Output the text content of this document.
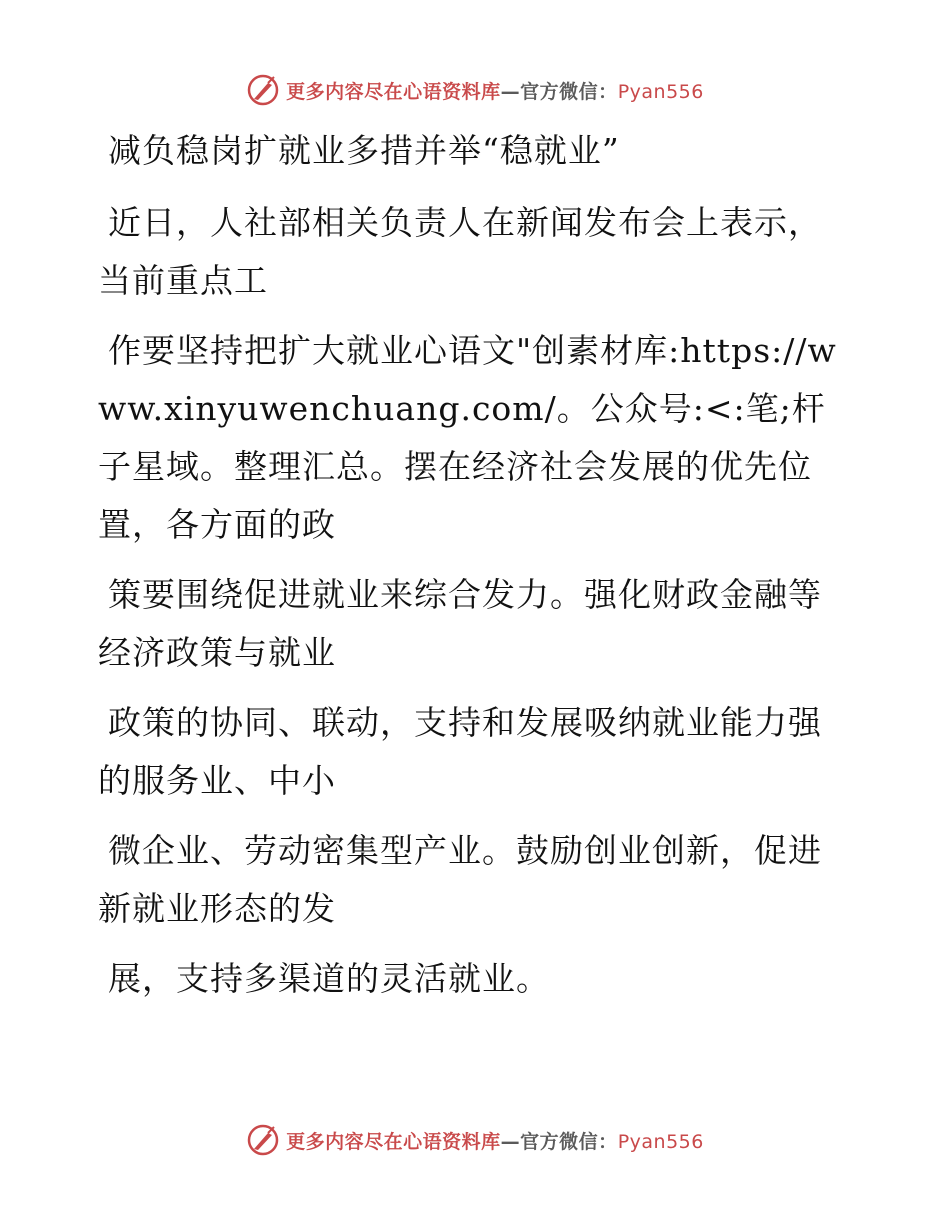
更多内容尽在心语资料库—官方微信：Pyan556

减负稳岗扩就业多措并举“稳就业”

近日，人社部相关负责人在新闻发布会上表示，当前重点工

作要坚持把扩大就业心语文"创素材库:https://www.xinyuwenchuang.com/。公众号:<:笔;杆子星域。整理汇总。摆在经济社会发展的优先位置，各方面的政

策要围绕促进就业来综合发力。强化财政金融等经济政策与就业

政策的协同、联动，支持和发展吸纳就业能力强的服务业、中小

微企业、劳动密集型产业。鼓励创业创新，促进新就业形态的发

展，支持多渠道的灵活就业。

更多内容尽在心语资料库—官方微信：Pyan556
